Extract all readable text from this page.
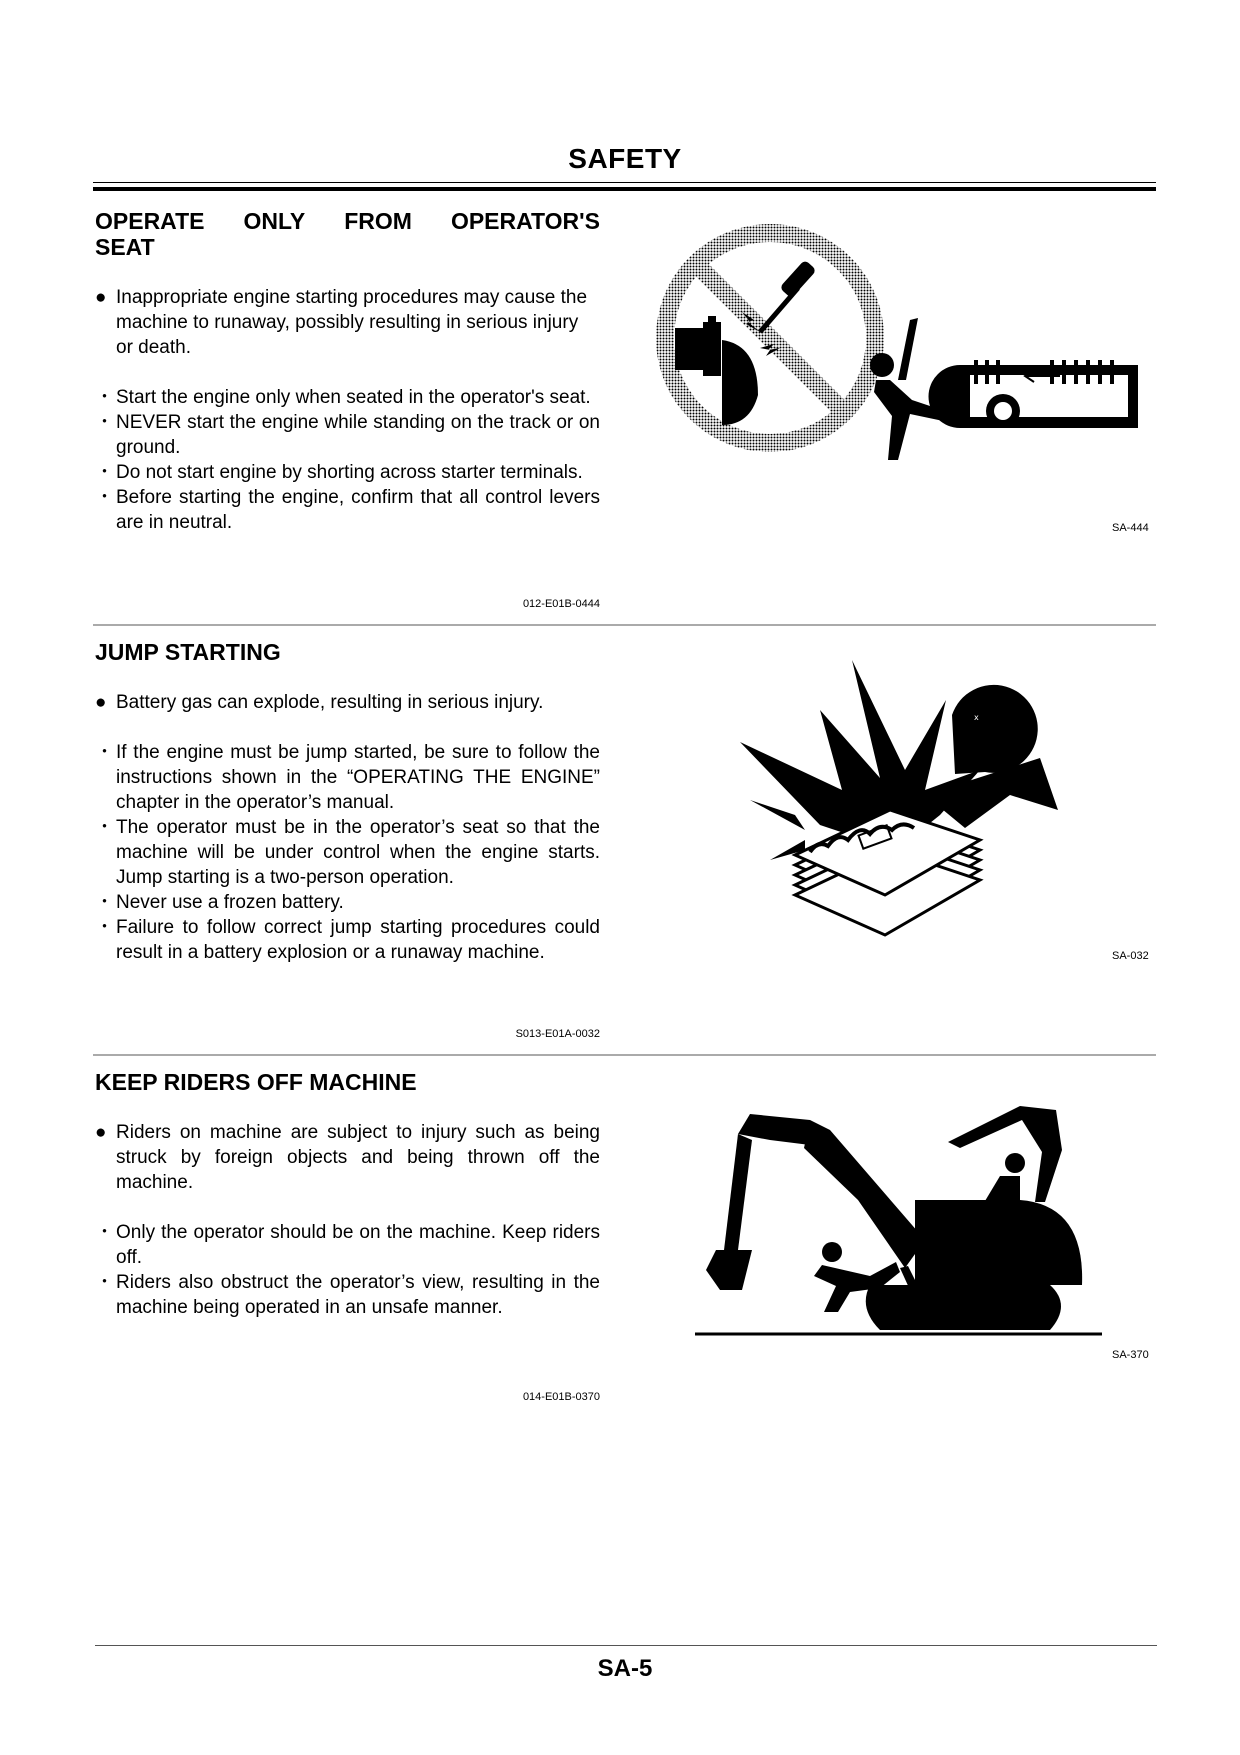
SAFETY
OPERATE ONLY FROM OPERATOR'S
SEAT
● Inappropriate engine starting procedures may cause the machine to runaway, possibly resulting in serious injury or death.
・ Start the engine only when seated in the operator's seat.
・ NEVER start the engine while standing on the track or on ground.
・ Do not start engine by shorting across starter terminals.
・ Before starting the engine, confirm that all control levers are in neutral.
012-E01B-0444
SA-444
JUMP STARTING
● Battery gas can explode, resulting in serious injury.
・ If the engine must be jump started, be sure to follow the instructions shown in the “OPERATING THE ENGINE” chapter in the operator’s manual.
・ The operator must be in the operator’s seat so that the machine will be under control when the engine starts. Jump starting is a two-person operation.
・ Never use a frozen battery.
・ Failure to follow correct jump starting procedures could result in a battery explosion or a runaway machine.
S013-E01A-0032
x
SA-032
KEEP RIDERS OFF MACHINE
● Riders on machine are subject to injury such as being struck by foreign objects and being thrown off the machine.
・ Only the operator should be on the machine. Keep riders off.
・ Riders also obstruct the operator’s view, resulting in the machine being operated in an unsafe manner.
014-E01B-0370
SA-370
SA-5
